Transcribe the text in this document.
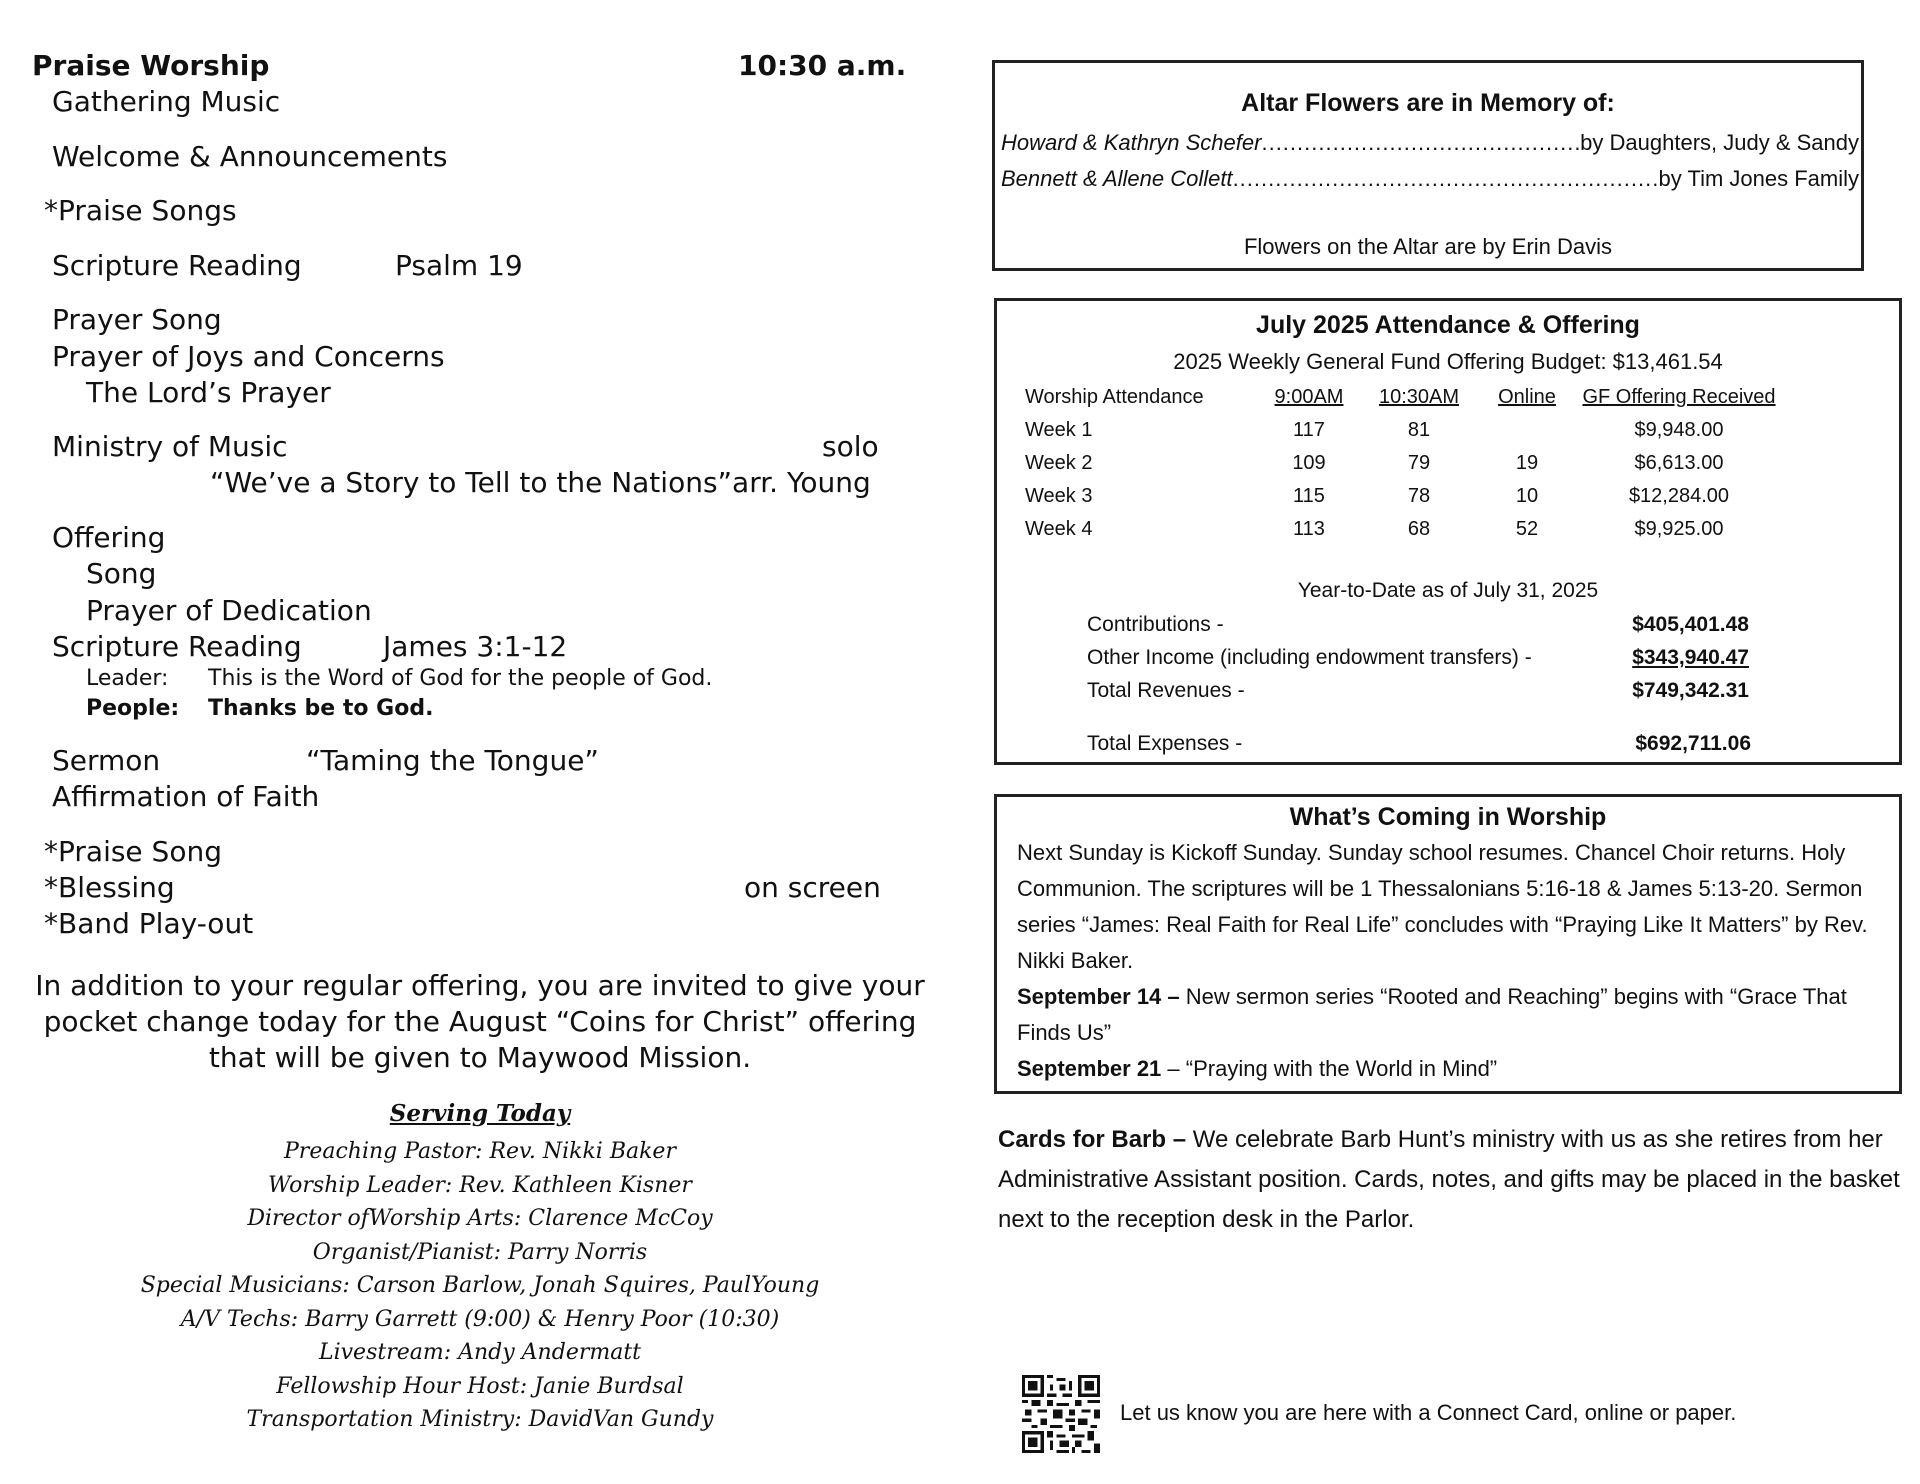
Praise Worship	10:30 a.m.
Gathering Music
Welcome & Announcements
*Praise Songs
Scripture Reading	Psalm 19
Prayer Song
Prayer of Joys and Concerns
The Lord’s Prayer
Ministry of Music	solo
“We’ve a Story to Tell to the Nations”arr. Young
Offering
Song
Prayer of Dedication
Scripture Reading	James 3:1-12
Leader: This is the Word of God for the people of God.
People: Thanks be to God.
Sermon	“Taming the Tongue”
Affirmation of Faith
*Praise Song
*Blessing	on screen
*Band Play-out
In addition to your regular offering, you are invited to give your pocket change today for the August “Coins for Christ” offering that will be given to Maywood Mission.
Serving Today
Preaching Pastor: Rev. Nikki Baker
Worship Leader: Rev. Kathleen Kisner
Director ofWorship Arts: Clarence McCoy
Organist/Pianist: Parry Norris
Special Musicians: Carson Barlow, Jonah Squires, PaulYoung
A/V Techs: Barry Garrett (9:00) & Henry Poor (10:30)
Livestream: Andy Andermatt
Fellowship Hour Host: Janie Burdsal
Transportation Ministry: DavidVan Gundy
Altar Flowers are in Memory of:
Howard & Kathryn Schefer .....	by Daughters, Judy & Sandy
Bennett & Allene Collett .....	by Tim Jones Family
Flowers on the Altar are by Erin Davis
July 2025 Attendance & Offering
2025 Weekly General Fund Offering Budget: $13,461.54
Worship Attendance	9:00AM	10:30AM	Online	GF Offering Received
Week 1	117	81		$9,948.00
Week 2	109	79	19	$6,613.00
Week 3	115	78	10	$12,284.00
Week 4	113	68	52	$9,925.00
Year-to-Date as of July 31, 2025
Contributions -	$405,401.48
Other Income (including endowment transfers) -	$343,940.47
Total Revenues -	$749,342.31
Total Expenses -	$692,711.06
What’s Coming in Worship

Next Sunday is Kickoff Sunday. Sunday school resumes. Chancel Choir returns. Holy Communion. The scriptures will be 1 Thessalonians 5:16-18 & James 5:13-20. Sermon series “James: Real Faith for Real Life” concludes with “Praying Like It Matters” by Rev. Nikki Baker.

September 14 – New sermon series “Rooted and Reaching” begins with “Grace That Finds Us”

September 21 – “Praying with the World in Mind”

Cards for Barb – We celebrate Barb Hunt’s ministry with us as she retires from her Administrative Assistant position. Cards, notes, and gifts may be placed in the basket next to the reception desk in the Parlor.
Let us know you are here with a Connect Card, online or paper.
